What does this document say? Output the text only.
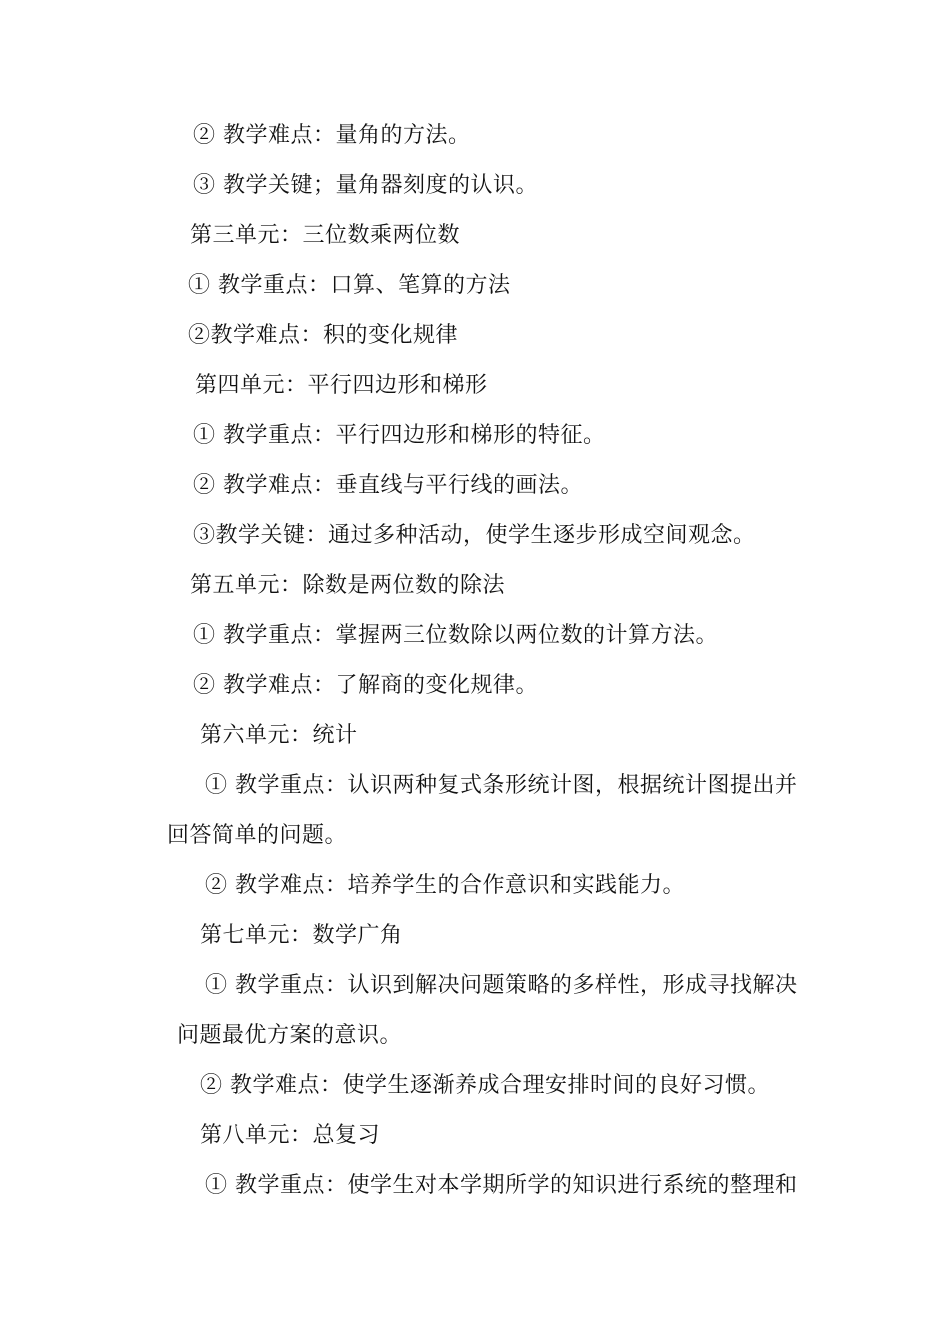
② 教学难点：量角的方法。
③ 教学关键；量角器刻度的认识。
第三单元：三位数乘两位数
① 教学重点：口算、笔算的方法
②教学难点：积的变化规律
第四单元：平行四边形和梯形
① 教学重点：平行四边形和梯形的特征。
② 教学难点：垂直线与平行线的画法。
③教学关键：通过多种活动，使学生逐步形成空间观念。
第五单元：除数是两位数的除法
① 教学重点：掌握两三位数除以两位数的计算方法。
② 教学难点：了解商的变化规律。
第六单元：统计
① 教学重点：认识两种复式条形统计图，根据统计图提出并
回答简单的问题。
② 教学难点：培养学生的合作意识和实践能力。
第七单元：数学广角
① 教学重点：认识到解决问题策略的多样性，形成寻找解决
问题最优方案的意识。
② 教学难点：使学生逐渐养成合理安排时间的良好习惯。
第八单元：总复习
① 教学重点：使学生对本学期所学的知识进行系统的整理和
